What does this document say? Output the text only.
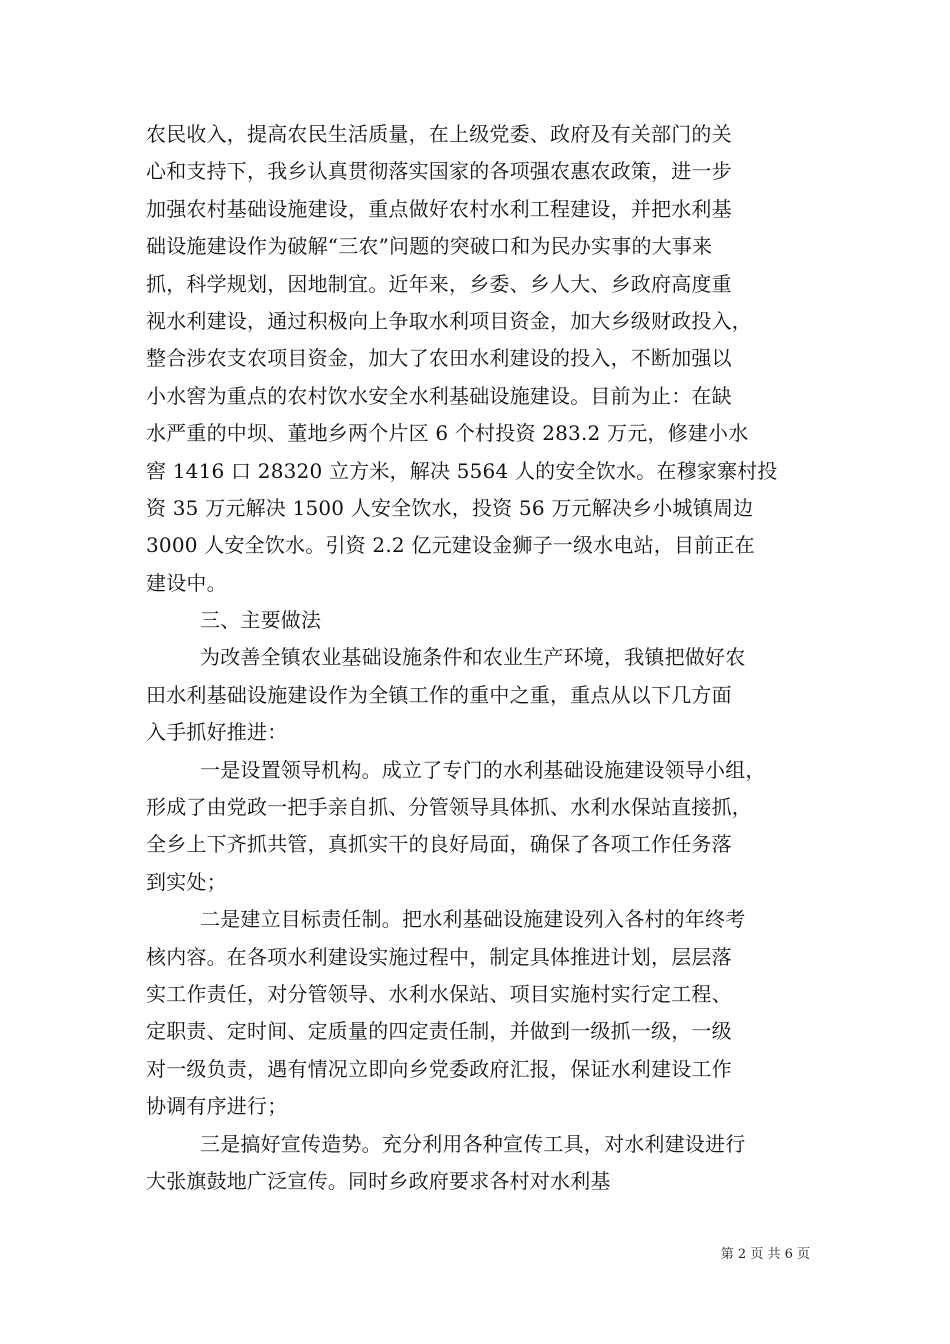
农民收入，提高农民生活质量，在上级党委、政府及有关部门的关
心和支持下，我乡认真贯彻落实国家的各项强农惠农政策，进一步
加强农村基础设施建设，重点做好农村水利工程建设，并把水利基
础设施建设作为破解“三农”问题的突破口和为民办实事的大事来
抓，科学规划，因地制宜。近年来，乡委、乡人大、乡政府高度重
视水利建设，通过积极向上争取水利项目资金，加大乡级财政投入，
整合涉农支农项目资金，加大了农田水利建设的投入，不断加强以
小水窖为重点的农村饮水安全水利基础设施建设。目前为止：在缺
水严重的中坝、董地乡两个片区 6 个村投资 283.2 万元，修建小水
窖 1416 口 28320 立方米，解决 5564 人的安全饮水。在穆家寨村投
资 35 万元解决 1500 人安全饮水，投资 56 万元解决乡小城镇周边
3000 人安全饮水。引资 2.2 亿元建设金狮子一级水电站，目前正在
建设中。
三、主要做法
为改善全镇农业基础设施条件和农业生产环境，我镇把做好农
田水利基础设施建设作为全镇工作的重中之重，重点从以下几方面
入手抓好推进：
一是设置领导机构。成立了专门的水利基础设施建设领导小组，
形成了由党政一把手亲自抓、分管领导具体抓、水利水保站直接抓，
全乡上下齐抓共管，真抓实干的良好局面，确保了各项工作任务落
到实处；
二是建立目标责任制。把水利基础设施建设列入各村的年终考
核内容。在各项水利建设实施过程中，制定具体推进计划，层层落
实工作责任，对分管领导、水利水保站、项目实施村实行定工程、
定职责、定时间、定质量的四定责任制，并做到一级抓一级，一级
对一级负责，遇有情况立即向乡党委政府汇报，保证水利建设工作
协调有序进行；
三是搞好宣传造势。充分利用各种宣传工具，对水利建设进行
大张旗鼓地广泛宣传。同时乡政府要求各村对水利基
第 2 页 共 6 页
